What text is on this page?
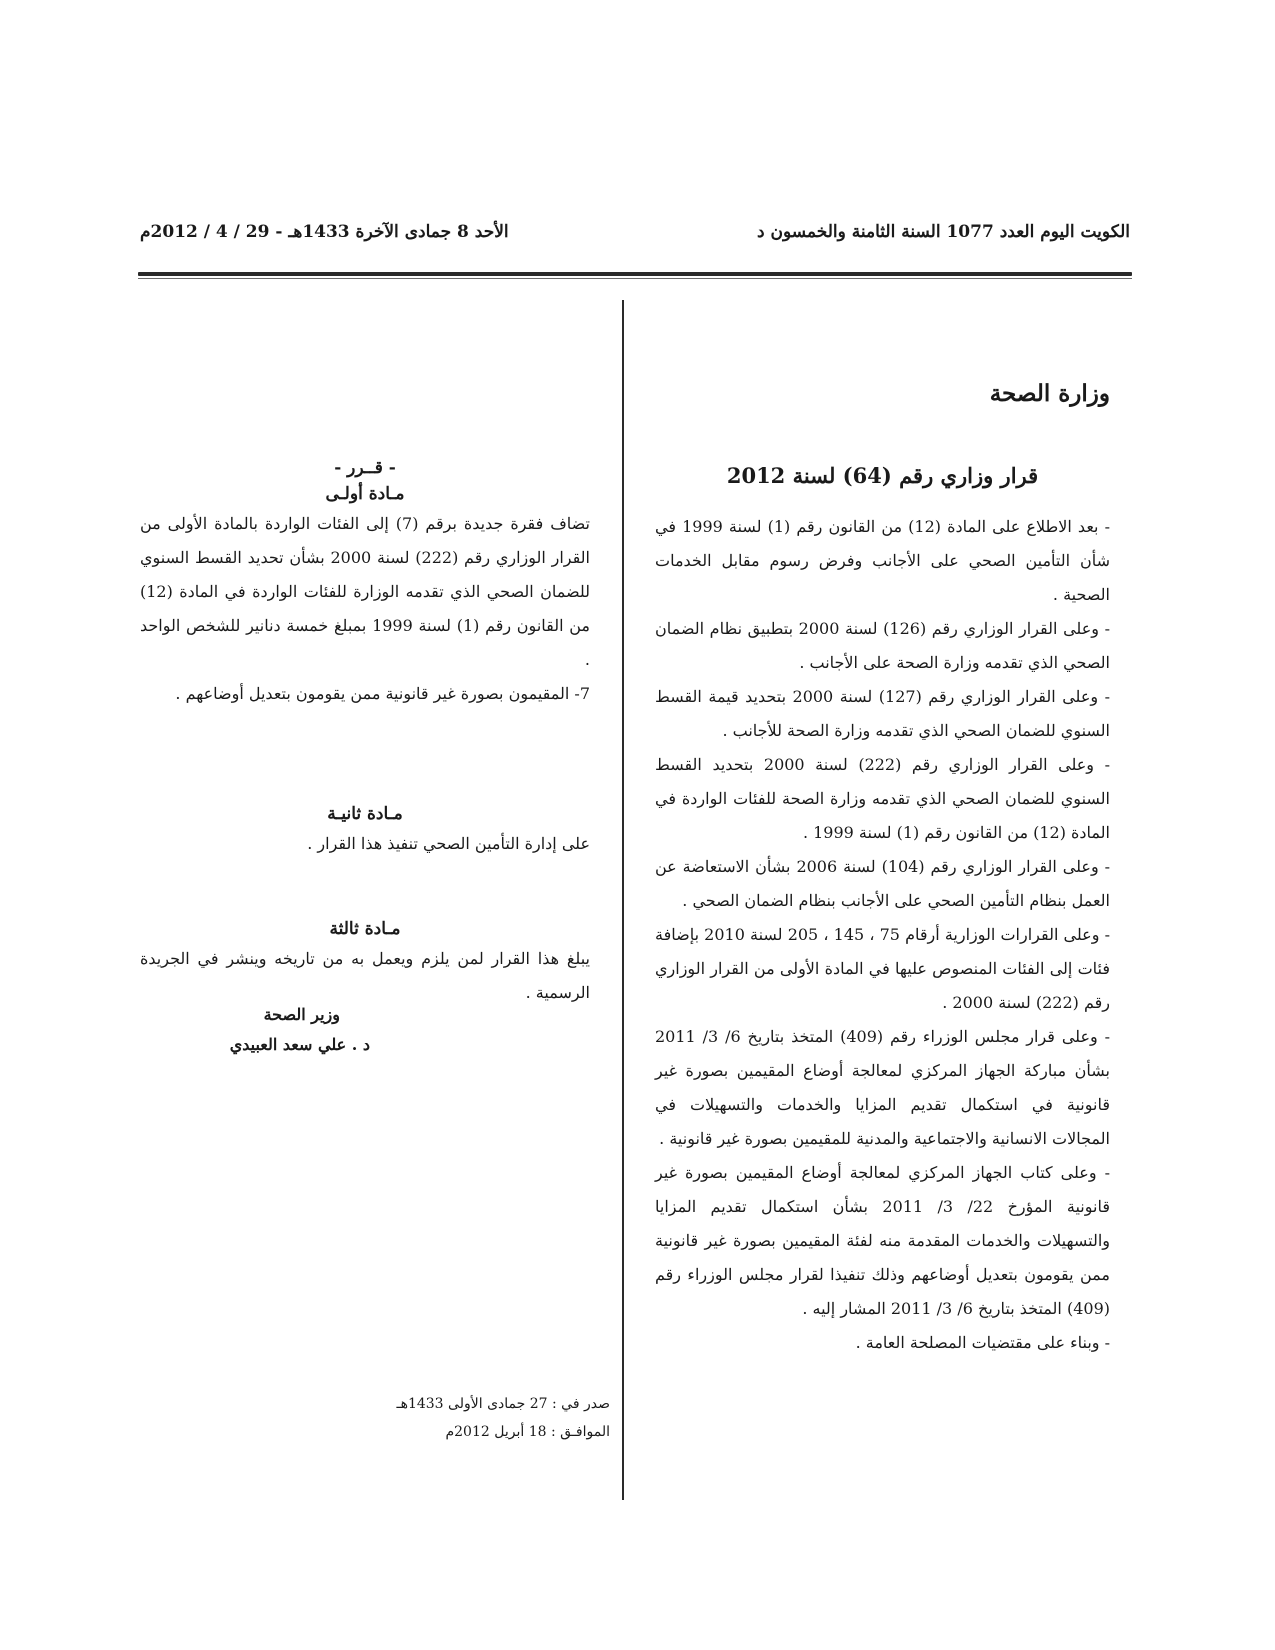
الكويت اليوم العدد 1077 السنة الثامنة والخمسون د
الأحد 8 جمادى الآخرة 1433هـ - 29 / 4 / 2012م
وزارة الصحة
قرار وزاري رقم (64) لسنة 2012

- بعد الاطلاع على المادة (12) من القانون رقم (1) لسنة 1999 في شأن التأمين الصحي على الأجانب وفرض رسوم مقابل الخدمات الصحية .

- وعلى القرار الوزاري رقم (126) لسنة 2000 بتطبيق نظام الضمان الصحي الذي تقدمه وزارة الصحة على الأجانب .

- وعلى القرار الوزاري رقم (127) لسنة 2000 بتحديد قيمة القسط السنوي للضمان الصحي الذي تقدمه وزارة الصحة للأجانب .

- وعلى القرار الوزاري رقم (222) لسنة 2000 بتحديد القسط السنوي للضمان الصحي الذي تقدمه وزارة الصحة للفئات الواردة في المادة (12) من القانون رقم (1) لسنة 1999 .

- وعلى القرار الوزاري رقم (104) لسنة 2006 بشأن الاستعاضة عن العمل بنظام التأمين الصحي على الأجانب بنظام الضمان الصحي .

- وعلى القرارات الوزارية أرقام 75 ، 145 ، 205 لسنة 2010 بإضافة فئات إلى الفئات المنصوص عليها في المادة الأولى من القرار الوزاري رقم (222) لسنة 2000 .

- وعلى قرار مجلس الوزراء رقم (409) المتخذ بتاريخ 6/ 3/ 2011 بشأن مباركة الجهاز المركزي لمعالجة أوضاع المقيمين بصورة غير قانونية في استكمال تقديم المزايا والخدمات والتسهيلات في المجالات الانسانية والاجتماعية والمدنية للمقيمين بصورة غير قانونية .

- وعلى كتاب الجهاز المركزي لمعالجة أوضاع المقيمين بصورة غير قانونية المؤرخ 22/ 3/ 2011 بشأن استكمال تقديم المزايا والتسهيلات والخدمات المقدمة منه لفئة المقيمين بصورة غير قانونية ممن يقومون بتعديل أوضاعهم وذلك تنفيذا لقرار مجلس الوزراء رقم (409) المتخذ بتاريخ 6/ 3/ 2011 المشار إليه .

- وبناء على مقتضيات المصلحة العامة .

- قــرر -
مـادة أولـى

تضاف فقرة جديدة برقم (7) إلى الفئات الواردة بالمادة الأولى من القرار الوزاري رقم (222) لسنة 2000 بشأن تحديد القسط السنوي للضمان الصحي الذي تقدمه الوزارة للفئات الواردة في المادة (12) من القانون رقم (1) لسنة 1999 بمبلغ خمسة دنانير للشخص الواحد .

7- المقيمون بصورة غير قانونية ممن يقومون بتعديل أوضاعهم .

مـادة ثانيـة

على إدارة التأمين الصحي تنفيذ هذا القرار .

مـادة ثالثة

يبلغ هذا القرار لمن يلزم ويعمل به من تاريخه وينشر في الجريدة الرسمية .

وزير الصحة
د . علي سعد العبيدي
صدر في : 27 جمادى الأولى 1433هـ
الموافـق : 18 أبريل 2012م
